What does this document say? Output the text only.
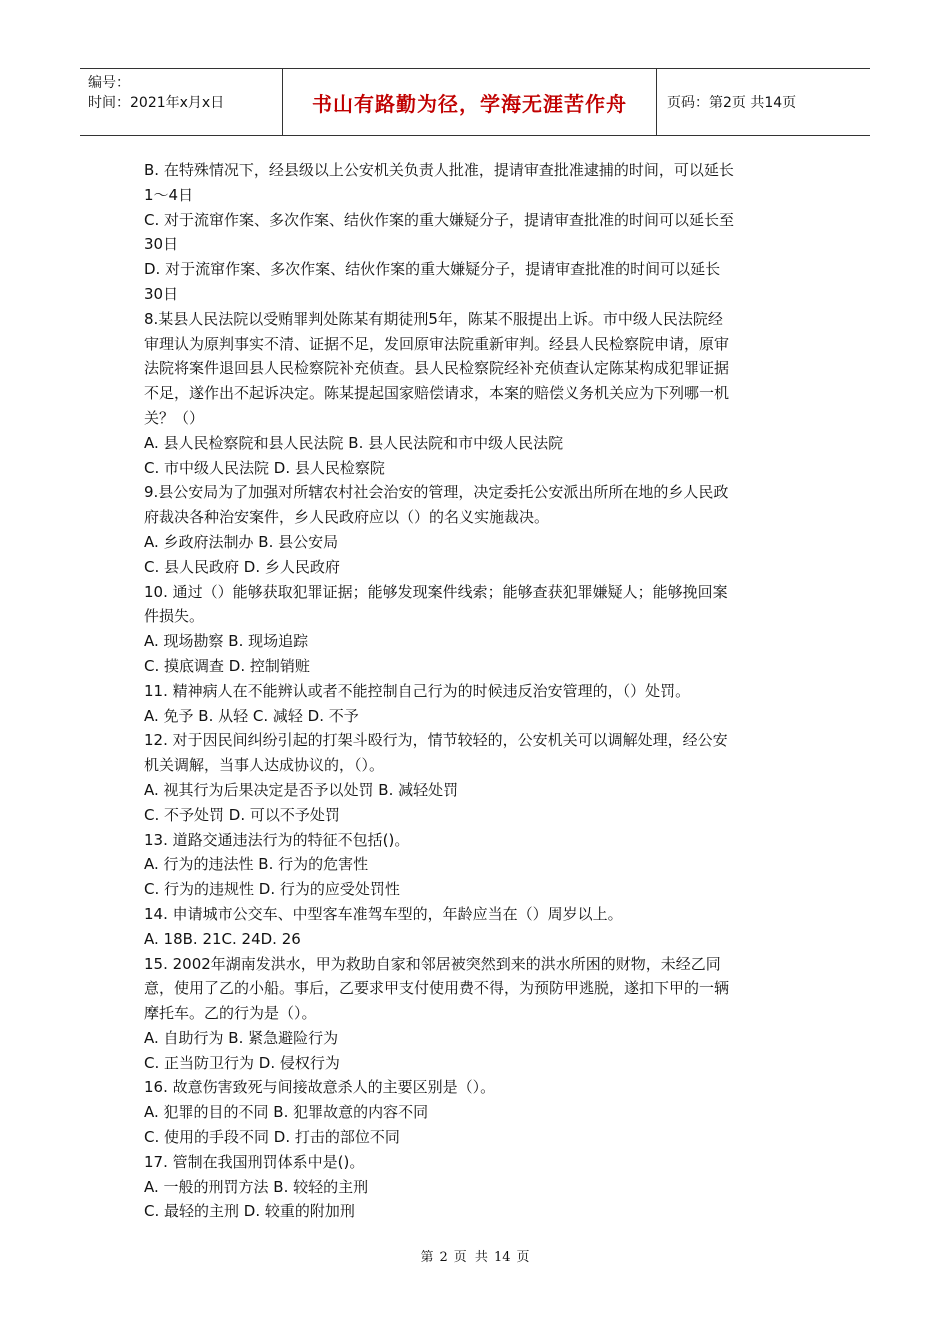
编号：
时间：2021年x月x日	书山有路勤为径，学海无涯苦作舟	页码：第2页 共14页
B. 在特殊情况下，经县级以上公安机关负责人批准，提请审查批准逮捕的时间，可以延长
1～4日
C. 对于流窜作案、多次作案、结伙作案的重大嫌疑分子，提请审查批准的时间可以延长至
30日
D. 对于流窜作案、多次作案、结伙作案的重大嫌疑分子，提请审查批准的时间可以延长
30日
8.某县人民法院以受贿罪判处陈某有期徒刑5年，陈某不服提出上诉。市中级人民法院经
审理认为原判事实不清、证据不足，发回原审法院重新审判。经县人民检察院申请，原审
法院将案件退回县人民检察院补充侦查。县人民检察院经补充侦查认定陈某构成犯罪证据
不足，遂作出不起诉决定。陈某提起国家赔偿请求，本案的赔偿义务机关应为下列哪一机
关？（）
A. 县人民检察院和县人民法院 B. 县人民法院和市中级人民法院
C. 市中级人民法院 D. 县人民检察院
9.县公安局为了加强对所辖农村社会治安的管理，决定委托公安派出所所在地的乡人民政
府裁决各种治安案件，乡人民政府应以（）的名义实施裁决。
A. 乡政府法制办 B. 县公安局
C. 县人民政府 D. 乡人民政府
10. 通过（）能够获取犯罪证据；能够发现案件线索；能够查获犯罪嫌疑人；能够挽回案
件损失。
A. 现场勘察 B. 现场追踪
C. 摸底调查 D. 控制销赃
11. 精神病人在不能辨认或者不能控制自己行为的时候违反治安管理的，（）处罚。
A. 免予 B. 从轻 C. 减轻 D. 不予
12. 对于因民间纠纷引起的打架斗殴行为，情节较轻的，公安机关可以调解处理，经公安
机关调解，当事人达成协议的，（）。
A. 视其行为后果决定是否予以处罚 B. 减轻处罚
C. 不予处罚 D. 可以不予处罚
13. 道路交通违法行为的特征不包括()。
A. 行为的违法性 B. 行为的危害性
C. 行为的违规性 D. 行为的应受处罚性
14. 申请城市公交车、中型客车准驾车型的，年龄应当在（）周岁以上。
A. 18B. 21C. 24D. 26
15. 2002年湖南发洪水，甲为救助自家和邻居被突然到来的洪水所困的财物，未经乙同
意，使用了乙的小船。事后，乙要求甲支付使用费不得，为预防甲逃脱，遂扣下甲的一辆
摩托车。乙的行为是（）。
A. 自助行为 B. 紧急避险行为
C. 正当防卫行为 D. 侵权行为
16. 故意伤害致死与间接故意杀人的主要区别是（）。
A. 犯罪的目的不同 B. 犯罪故意的内容不同
C. 使用的手段不同 D. 打击的部位不同
17. 管制在我国刑罚体系中是()。
A. 一般的刑罚方法 B. 较轻的主刑
C. 最轻的主刑 D. 较重的附加刑
第 2 页 共 14 页
